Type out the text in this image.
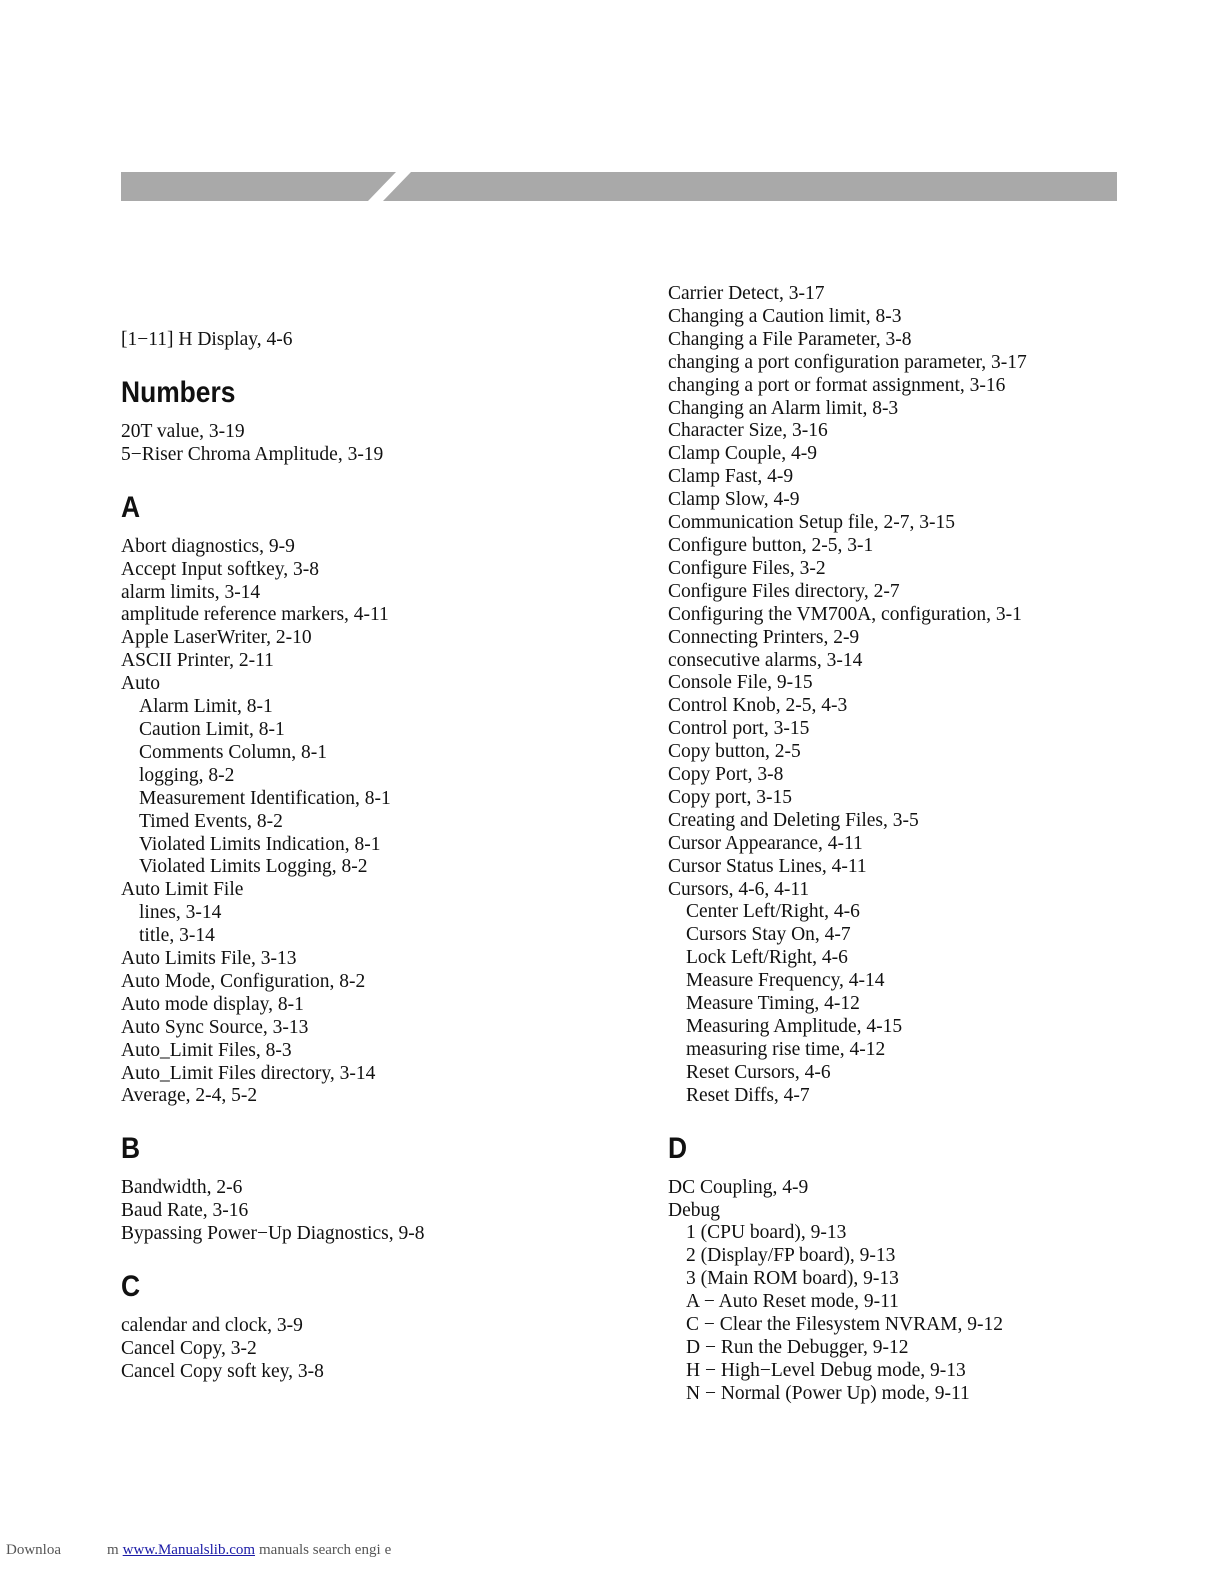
[1−11] H Display, 4-6
Numbers
20T value, 3-19
5−Riser Chroma Amplitude, 3-19
A
Abort diagnostics, 9-9
Accept Input softkey, 3-8
alarm limits, 3-14
amplitude reference markers, 4-11
Apple LaserWriter, 2-10
ASCII Printer, 2-11
Auto
Alarm Limit, 8-1
Caution Limit, 8-1
Comments Column, 8-1
logging, 8-2
Measurement Identification, 8-1
Timed Events, 8-2
Violated Limits Indication, 8-1
Violated Limits Logging, 8-2
Auto Limit File
lines, 3-14
title, 3-14
Auto Limits File, 3-13
Auto Mode, Configuration, 8-2
Auto mode display, 8-1
Auto Sync Source, 3-13
Auto_Limit Files, 8-3
Auto_Limit Files directory, 3-14
Average, 2-4, 5-2
B
Bandwidth, 2-6
Baud Rate, 3-16
Bypassing Power−Up Diagnostics, 9-8
C
calendar and clock, 3-9
Cancel Copy, 3-2
Cancel Copy soft key, 3-8
Carrier Detect, 3-17
Changing a Caution limit, 8-3
Changing a File Parameter, 3-8
changing a port configuration parameter, 3-17
changing a port or format assignment, 3-16
Changing an Alarm limit, 8-3
Character Size, 3-16
Clamp Couple, 4-9
Clamp Fast, 4-9
Clamp Slow, 4-9
Communication Setup file, 2-7, 3-15
Configure button, 2-5, 3-1
Configure Files, 3-2
Configure Files directory, 2-7
Configuring the VM700A, configuration, 3-1
Connecting Printers, 2-9
consecutive alarms, 3-14
Console File, 9-15
Control Knob, 2-5, 4-3
Control port, 3-15
Copy button, 2-5
Copy Port, 3-8
Copy port, 3-15
Creating and Deleting Files, 3-5
Cursor Appearance, 4-11
Cursor Status Lines, 4-11
Cursors, 4-6, 4-11
Center Left/Right, 4-6
Cursors Stay On, 4-7
Lock Left/Right, 4-6
Measure Frequency, 4-14
Measure Timing, 4-12
Measuring Amplitude, 4-15
measuring rise time, 4-12
Reset Cursors, 4-6
Reset Diffs, 4-7
D
DC Coupling, 4-9
Debug
1 (CPU board), 9-13
2 (Display/FP board), 9-13
3 (Main ROM board), 9-13
A − Auto Reset mode, 9-11
C − Clear the Filesystem NVRAM, 9-12
D − Run the Debugger, 9-12
H − High−Level Debug mode, 9-13
N − Normal (Power Up) mode, 9-11
Downloa	m www.Manualslib.com manuals search engi e
